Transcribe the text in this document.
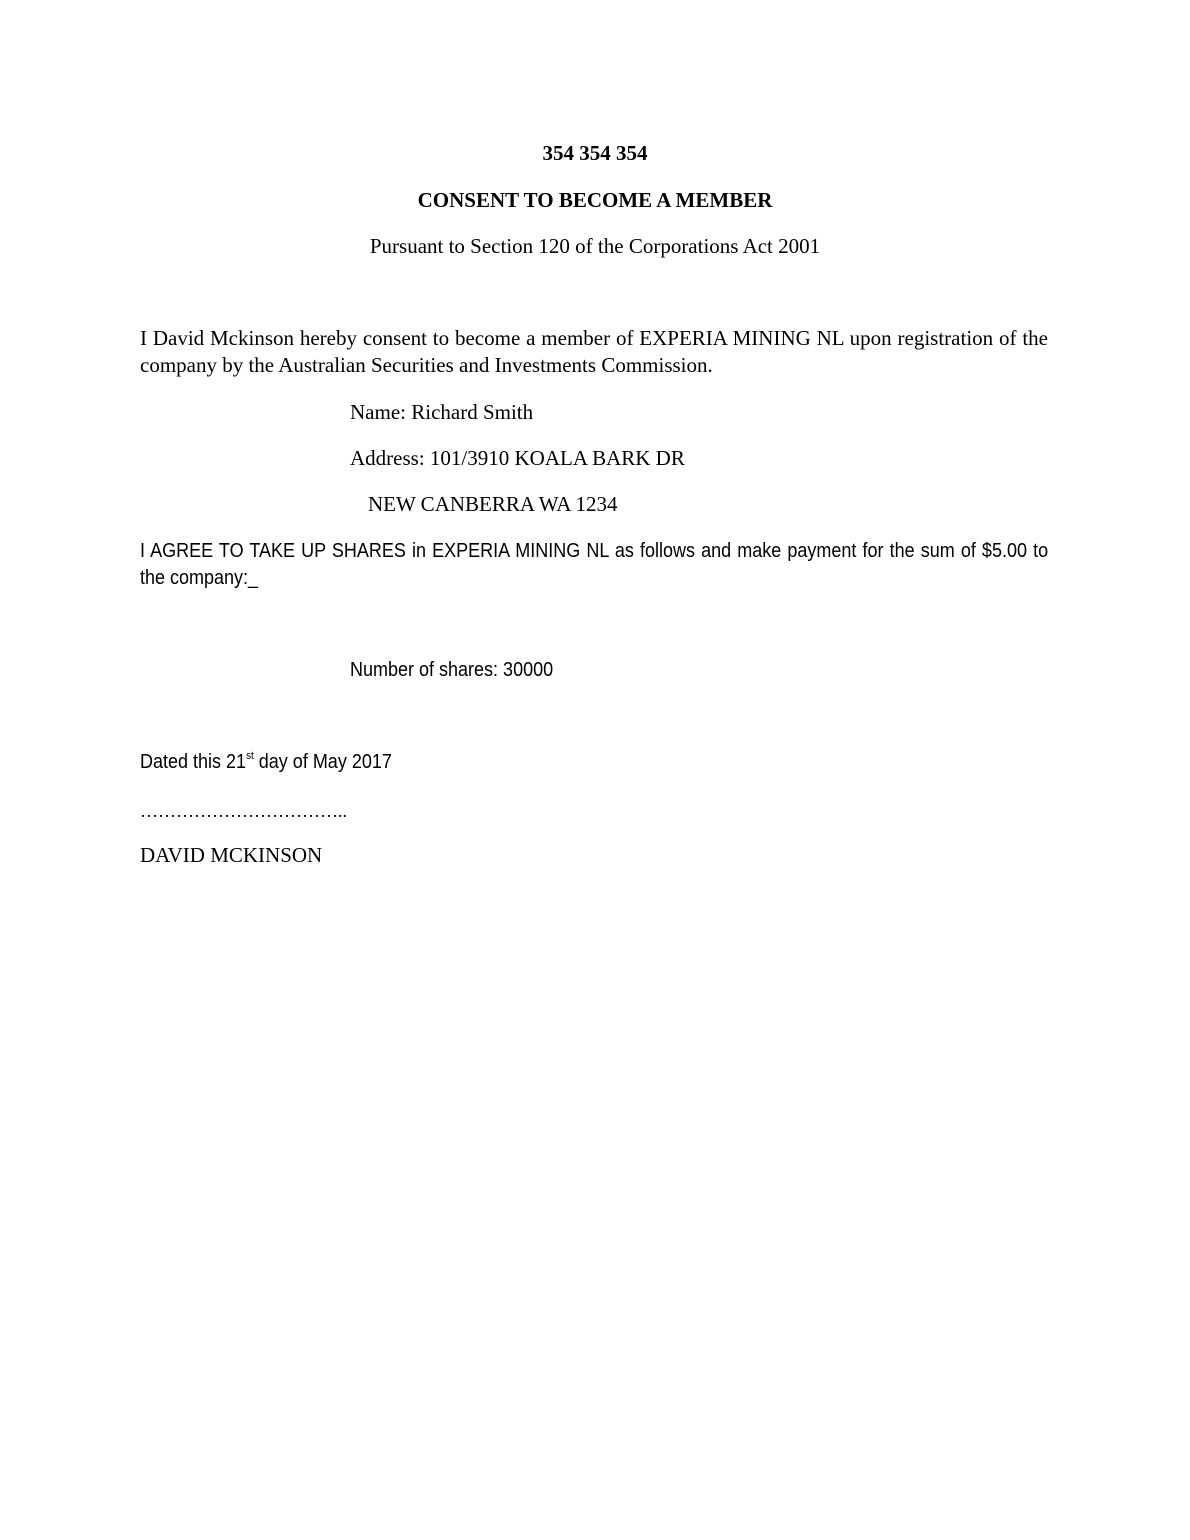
354 354 354
CONSENT TO BECOME A MEMBER
Pursuant to Section 120 of the Corporations Act 2001
I David Mckinson hereby consent to become a member of EXPERIA MINING NL upon registration of the company by the Australian Securities and Investments Commission.
Name: Richard Smith
Address: 101/3910 KOALA BARK DR
NEW CANBERRA WA 1234
I AGREE TO TAKE UP SHARES in EXPERIA MINING NL as follows and make payment for the sum of $5.00 to the company:_
Number of shares: 30000
Dated this 21st day of May 2017
……………………………..
DAVID MCKINSON
